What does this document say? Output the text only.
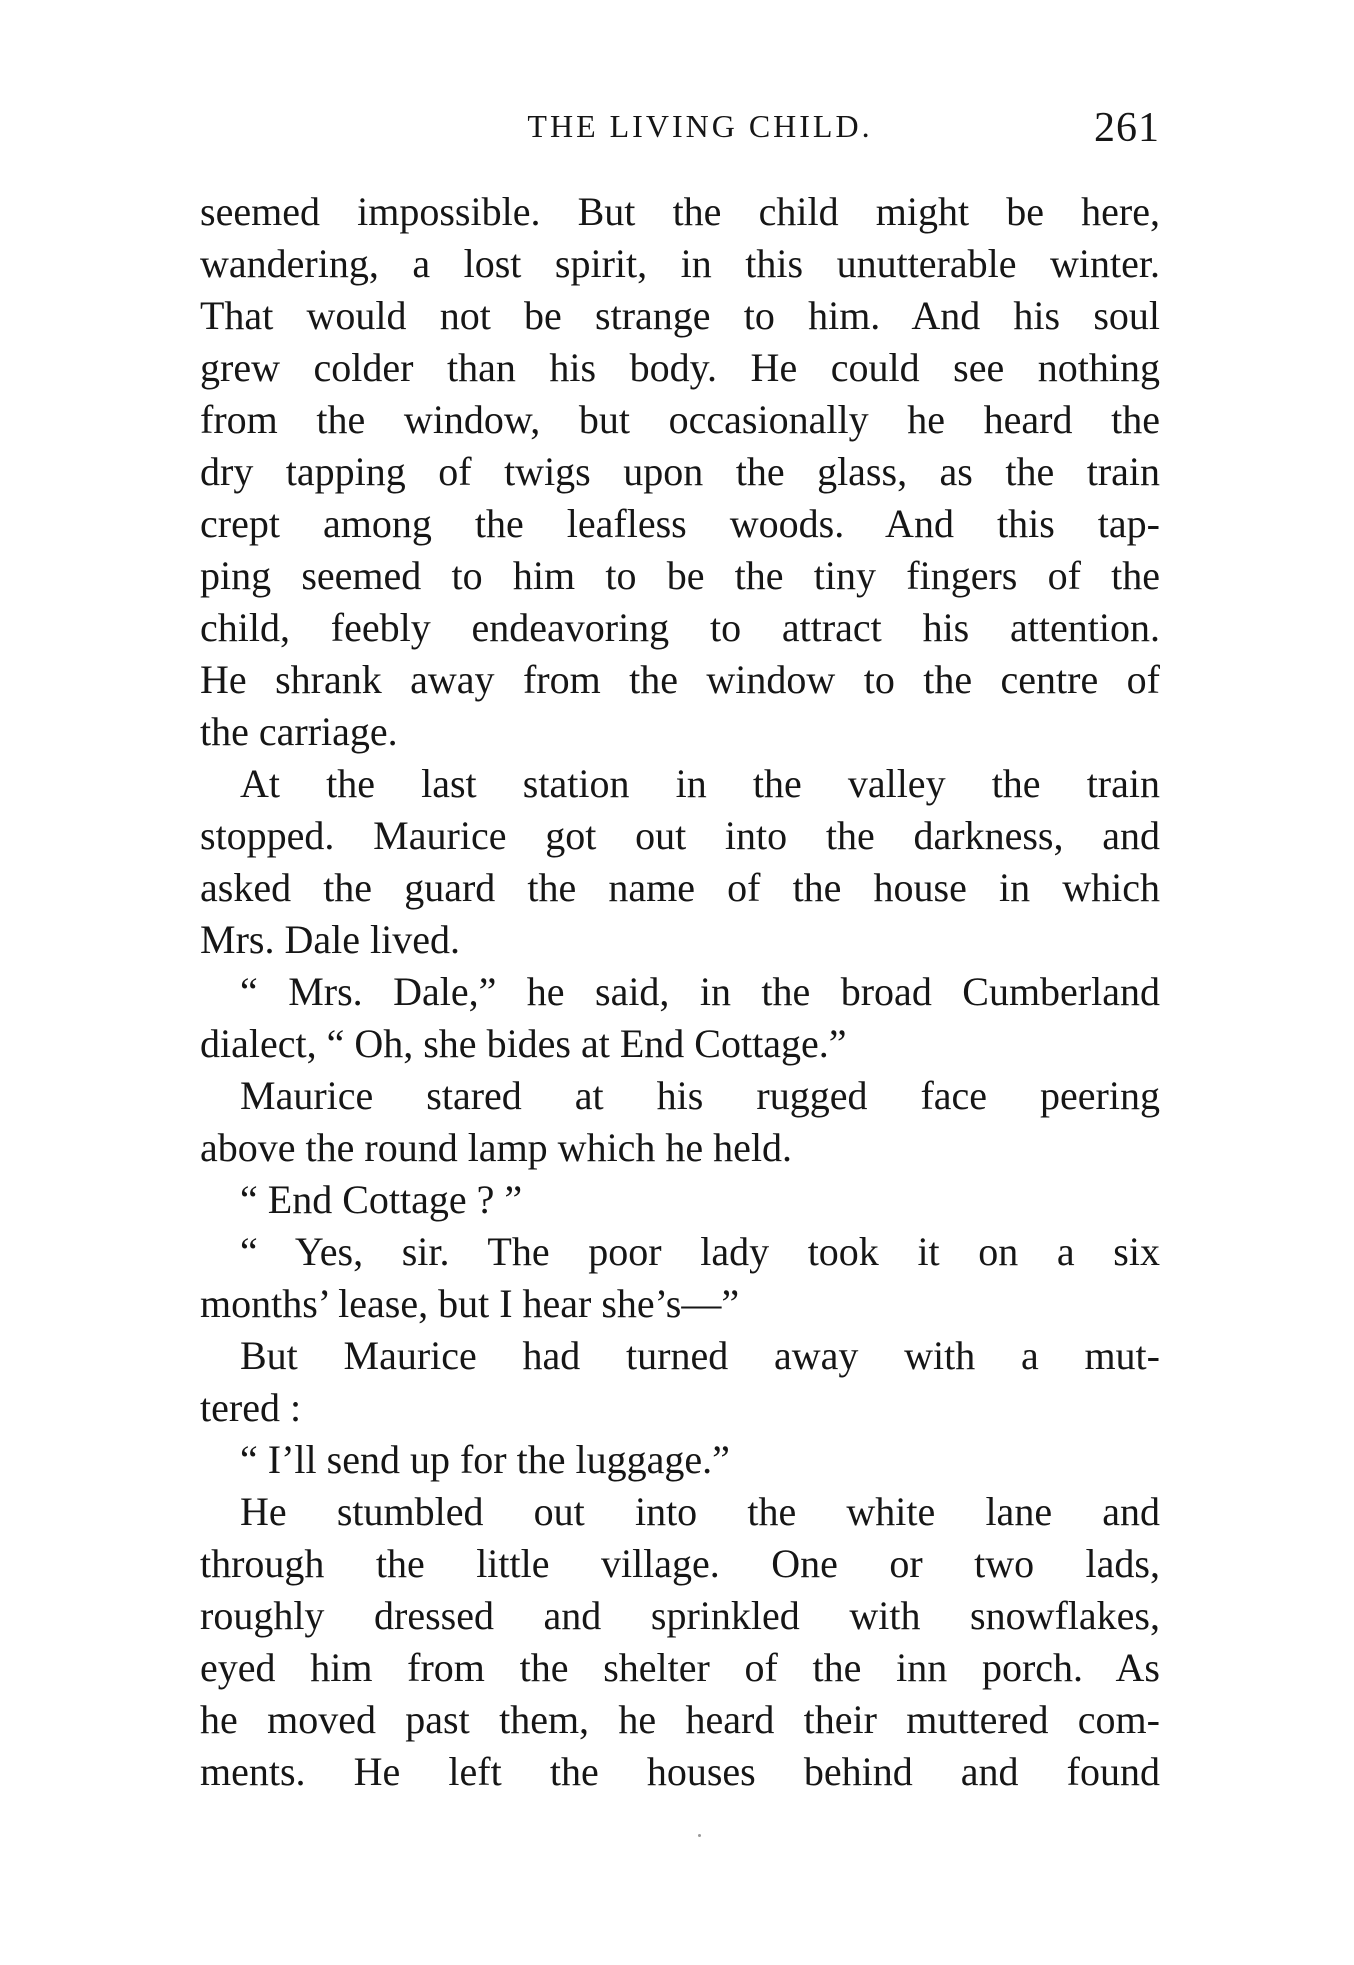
THE LIVING CHILD.	261
seemed impossible. But the child might be here,
wandering, a lost spirit, in this unutterable winter.
That would not be strange to him. And his soul
grew colder than his body. He could see nothing
from the window, but occasionally he heard the
dry tapping of twigs upon the glass, as the train
crept among the leafless woods. And this tap-
ping seemed to him to be the tiny fingers of the
child, feebly endeavoring to attract his attention.
He shrank away from the window to the centre of
the carriage.
At the last station in the valley the train
stopped. Maurice got out into the darkness, and
asked the guard the name of the house in which
Mrs. Dale lived.
“ Mrs. Dale,” he said, in the broad Cumberland
dialect, “ Oh, she bides at End Cottage.”
Maurice stared at his rugged face peering
above the round lamp which he held.
“ End Cottage ? ”
“ Yes, sir. The poor lady took it on a six
months’ lease, but I hear she’s—”
But Maurice had turned away with a mut-
tered :
“ I’ll send up for the luggage.”
He stumbled out into the white lane and
through the little village. One or two lads,
roughly dressed and sprinkled with snowflakes,
eyed him from the shelter of the inn porch. As
he moved past them, he heard their muttered com-
ments. He left the houses behind and found
